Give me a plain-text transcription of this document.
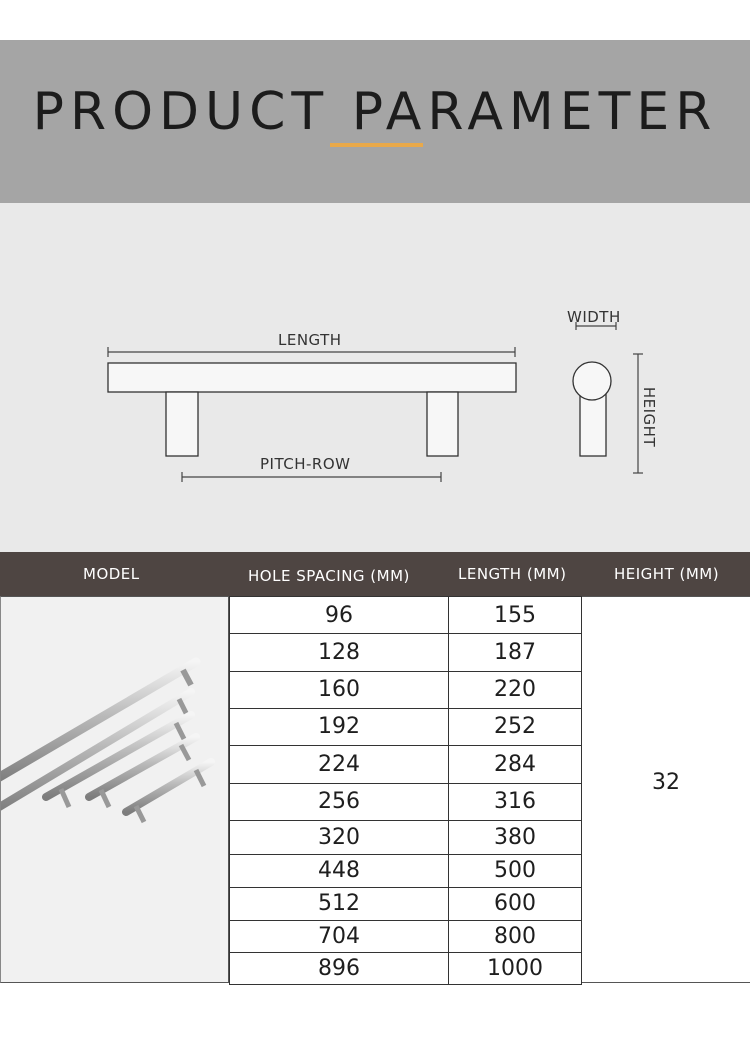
PRODUCT PARAMETER
LENGTH
PITCH-ROW
WIDTH
HEIGHT
MODEL	HOLE SPACING (MM)	LENGTH (MM)	HEIGHT (MM)
96	155
128	187
160	220
192	252
224	284
256	316
320	380
448	500
512	600
704	800
896	1000
32
